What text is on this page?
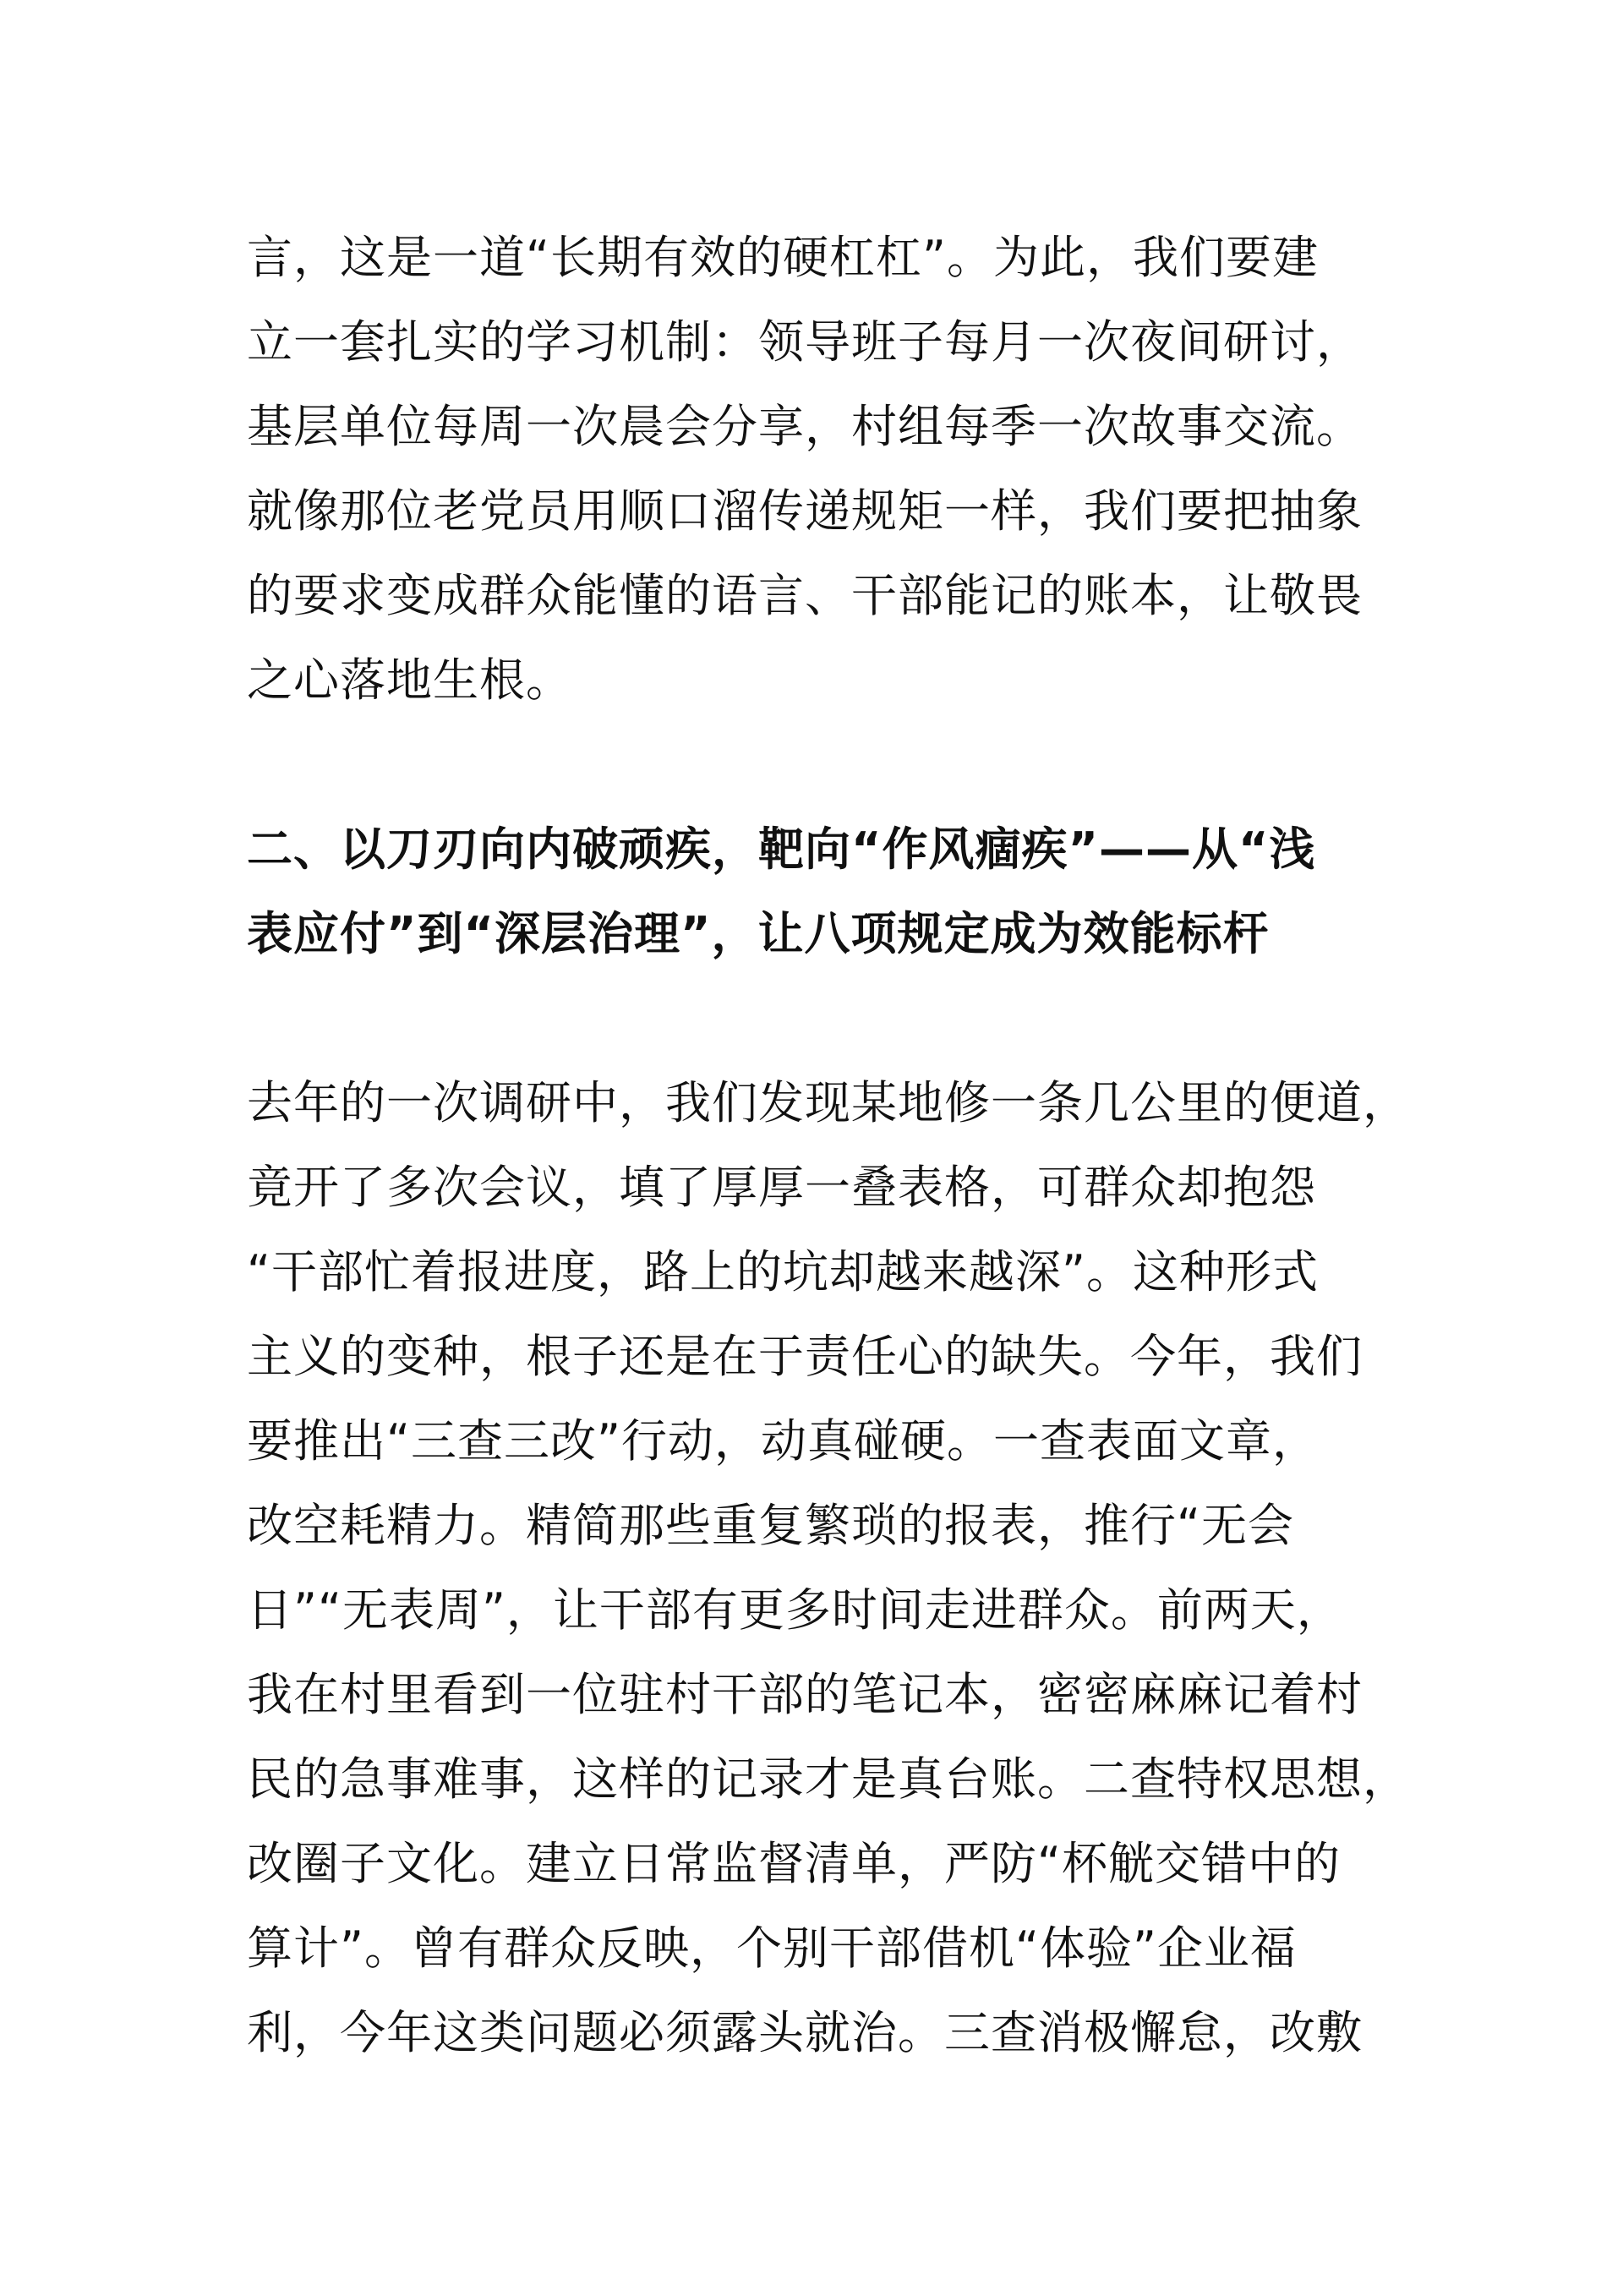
言，这是一道“长期有效的硬杠杠”。为此，我们要建
立一套扎实的学习机制：领导班子每月一次夜间研讨，
基层单位每周一次晨会分享，村组每季一次故事交流。
就像那位老党员用顺口溜传递规矩一样，我们要把抽象
的要求变成群众能懂的语言、干部能记的账本，让敬畏
之心落地生根。
二、以刀刃向内破顽疾，靶向“作风痼疾”——从“浅
表应付”到“深层治理”，让八项规定成为效能标杆
去年的一次调研中，我们发现某地修一条几公里的便道，
竟开了多次会议，填了厚厚一叠表格，可群众却抱怨
“干部忙着报进度，路上的坑却越来越深”。这种形式
主义的变种，根子还是在于责任心的缺失。今年，我们
要推出“三查三改”行动，动真碰硬。一查表面文章，
改空耗精力。精简那些重复繁琐的报表，推行“无会
日”“无表周”，让干部有更多时间走进群众。前两天，
我在村里看到一位驻村干部的笔记本，密密麻麻记着村
民的急事难事，这样的记录才是真台账。二查特权思想，
改圈子文化。建立日常监督清单，严防“杯觥交错中的
算计”。曾有群众反映，个别干部借机“体验”企业福
利，今年这类问题必须露头就治。三查消极懈怠，改敷
